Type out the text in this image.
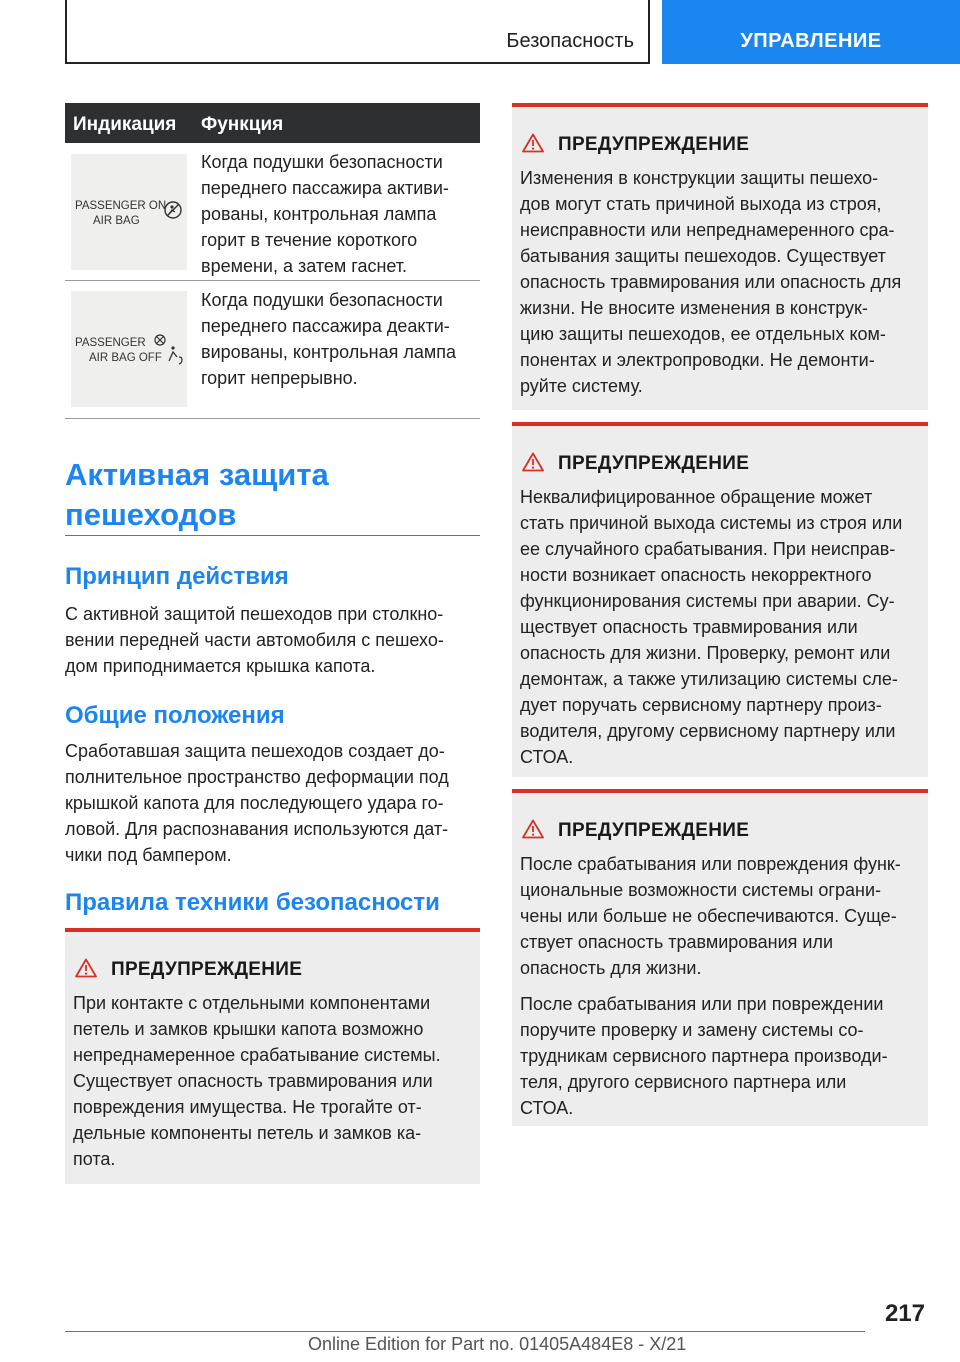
Безопасность	УПРАВЛЕНИЕ
Индикация Функция
PASSENGER ON
AIR BAG
Когда подушки безопасности
переднего пассажира активи-
рованы, контрольная лампа
горит в течение короткого
времени, а затем гаснет.
PASSENGER
AIR BAG OFF
Когда подушки безопасности
переднего пассажира деакти-
вированы, контрольная лампа
горит непрерывно.
Активная защита
пешеходов
Принцип действия
С активной защитой пешеходов при столкно-
вении передней части автомобиля с пешехо-
дом приподнимается крышка капота.
Общие положения
Сработавшая защита пешеходов создает до-
полнительное пространство деформации под
крышкой капота для последующего удара го-
ловой. Для распознавания используются дат-
чики под бампером.
Правила техники безопасности
ПРЕДУПРЕЖДЕНИЕ
При контакте с отдельными компонентами
петель и замков крышки капота возможно
непреднамеренное срабатывание системы.
Существует опасность травмирования или
повреждения имущества. Не трогайте от-
дельные компоненты петель и замков ка-
пота.
ПРЕДУПРЕЖДЕНИЕ
Изменения в конструкции защиты пешехо-
дов могут стать причиной выхода из строя,
неисправности или непреднамеренного сра-
батывания защиты пешеходов. Существует
опасность травмирования или опасность для
жизни. Не вносите изменения в конструк-
цию защиты пешеходов, ее отдельных ком-
понентах и электропроводки. Не демонти-
руйте систему.
ПРЕДУПРЕЖДЕНИЕ
Неквалифицированное обращение может
стать причиной выхода системы из строя или
ее случайного срабатывания. При неисправ-
ности возникает опасность некорректного
функционирования системы при аварии. Су-
ществует опасность травмирования или
опасность для жизни. Проверку, ремонт или
демонтаж, а также утилизацию системы сле-
дует поручать сервисному партнеру произ-
водителя, другому сервисному партнеру или
СТОА.
ПРЕДУПРЕЖДЕНИЕ
После срабатывания или повреждения функ-
циональные возможности системы ограни-
чены или больше не обеспечиваются. Суще-
ствует опасность травмирования или
опасность для жизни.
После срабатывания или при повреждении
поручите проверку и замену системы со-
трудникам сервисного партнера производи-
теля, другого сервисного партнера или
СТОА.
217
Online Edition for Part no. 01405A484E8 - X/21
